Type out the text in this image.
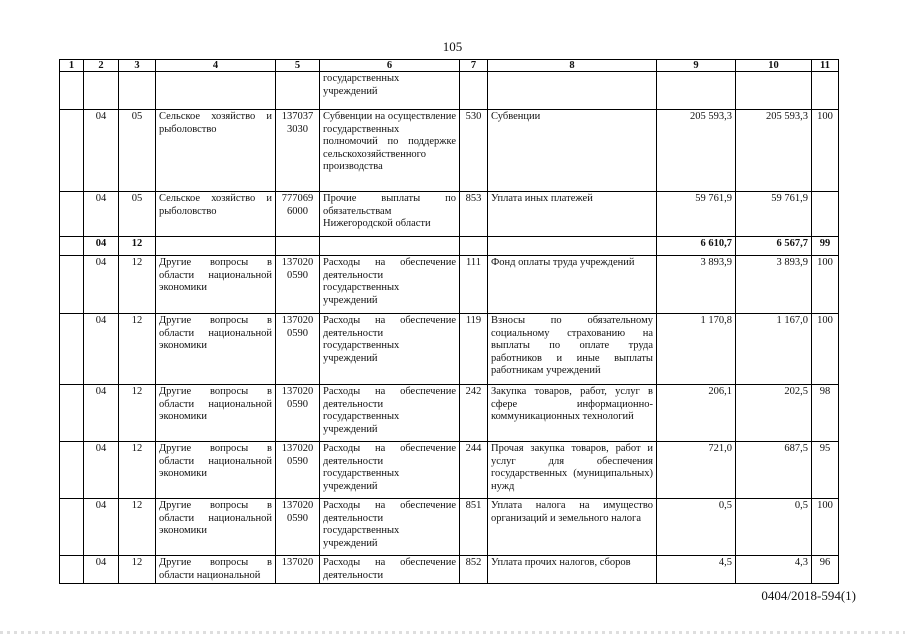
105
1	2	3	4	5	6	7	8	9	10	11
					государственных учреждений					
	04	05	Сельское хозяйство и рыболовство	137037 3030	Субвенции на осуществление государственных полномочий по поддержке сельскохозяйственного производства	530	Субвенции	205 593,3	205 593,3	100
	04	05	Сельское хозяйство и рыболовство	777069 6000	Прочие выплаты по обязательствам Нижегородской области	853	Уплата иных платежей	59 761,9	59 761,9	
	04	12						6 610,7	6 567,7	99
	04	12	Другие вопросы в области национальной экономики	137020 0590	Расходы на обеспечение деятельности государственных учреждений	111	Фонд оплаты труда учреждений	3 893,9	3 893,9	100
	04	12	Другие вопросы в области национальной экономики	137020 0590	Расходы на обеспечение деятельности государственных учреждений	119	Взносы по обязательному социальному страхованию на выплаты по оплате труда работников и иные выплаты работникам учреждений	1 170,8	1 167,0	100
	04	12	Другие вопросы в области национальной экономики	137020 0590	Расходы на обеспечение деятельности государственных учреждений	242	Закупка товаров, работ, услуг в сфере информационно-коммуникационных технологий	206,1	202,5	98
	04	12	Другие вопросы в области национальной экономики	137020 0590	Расходы на обеспечение деятельности государственных учреждений	244	Прочая закупка товаров, работ и услуг для обеспечения государственных (муниципальных) нужд	721,0	687,5	95
	04	12	Другие вопросы в области национальной экономики	137020 0590	Расходы на обеспечение деятельности государственных учреждений	851	Уплата налога на имущество организаций и земельного налога	0,5	0,5	100
	04	12	Другие вопросы в области национальной	137020	Расходы на обеспечение деятельности	852	Уплата прочих налогов, сборов	4,5	4,3	96
0404/2018-594(1)
